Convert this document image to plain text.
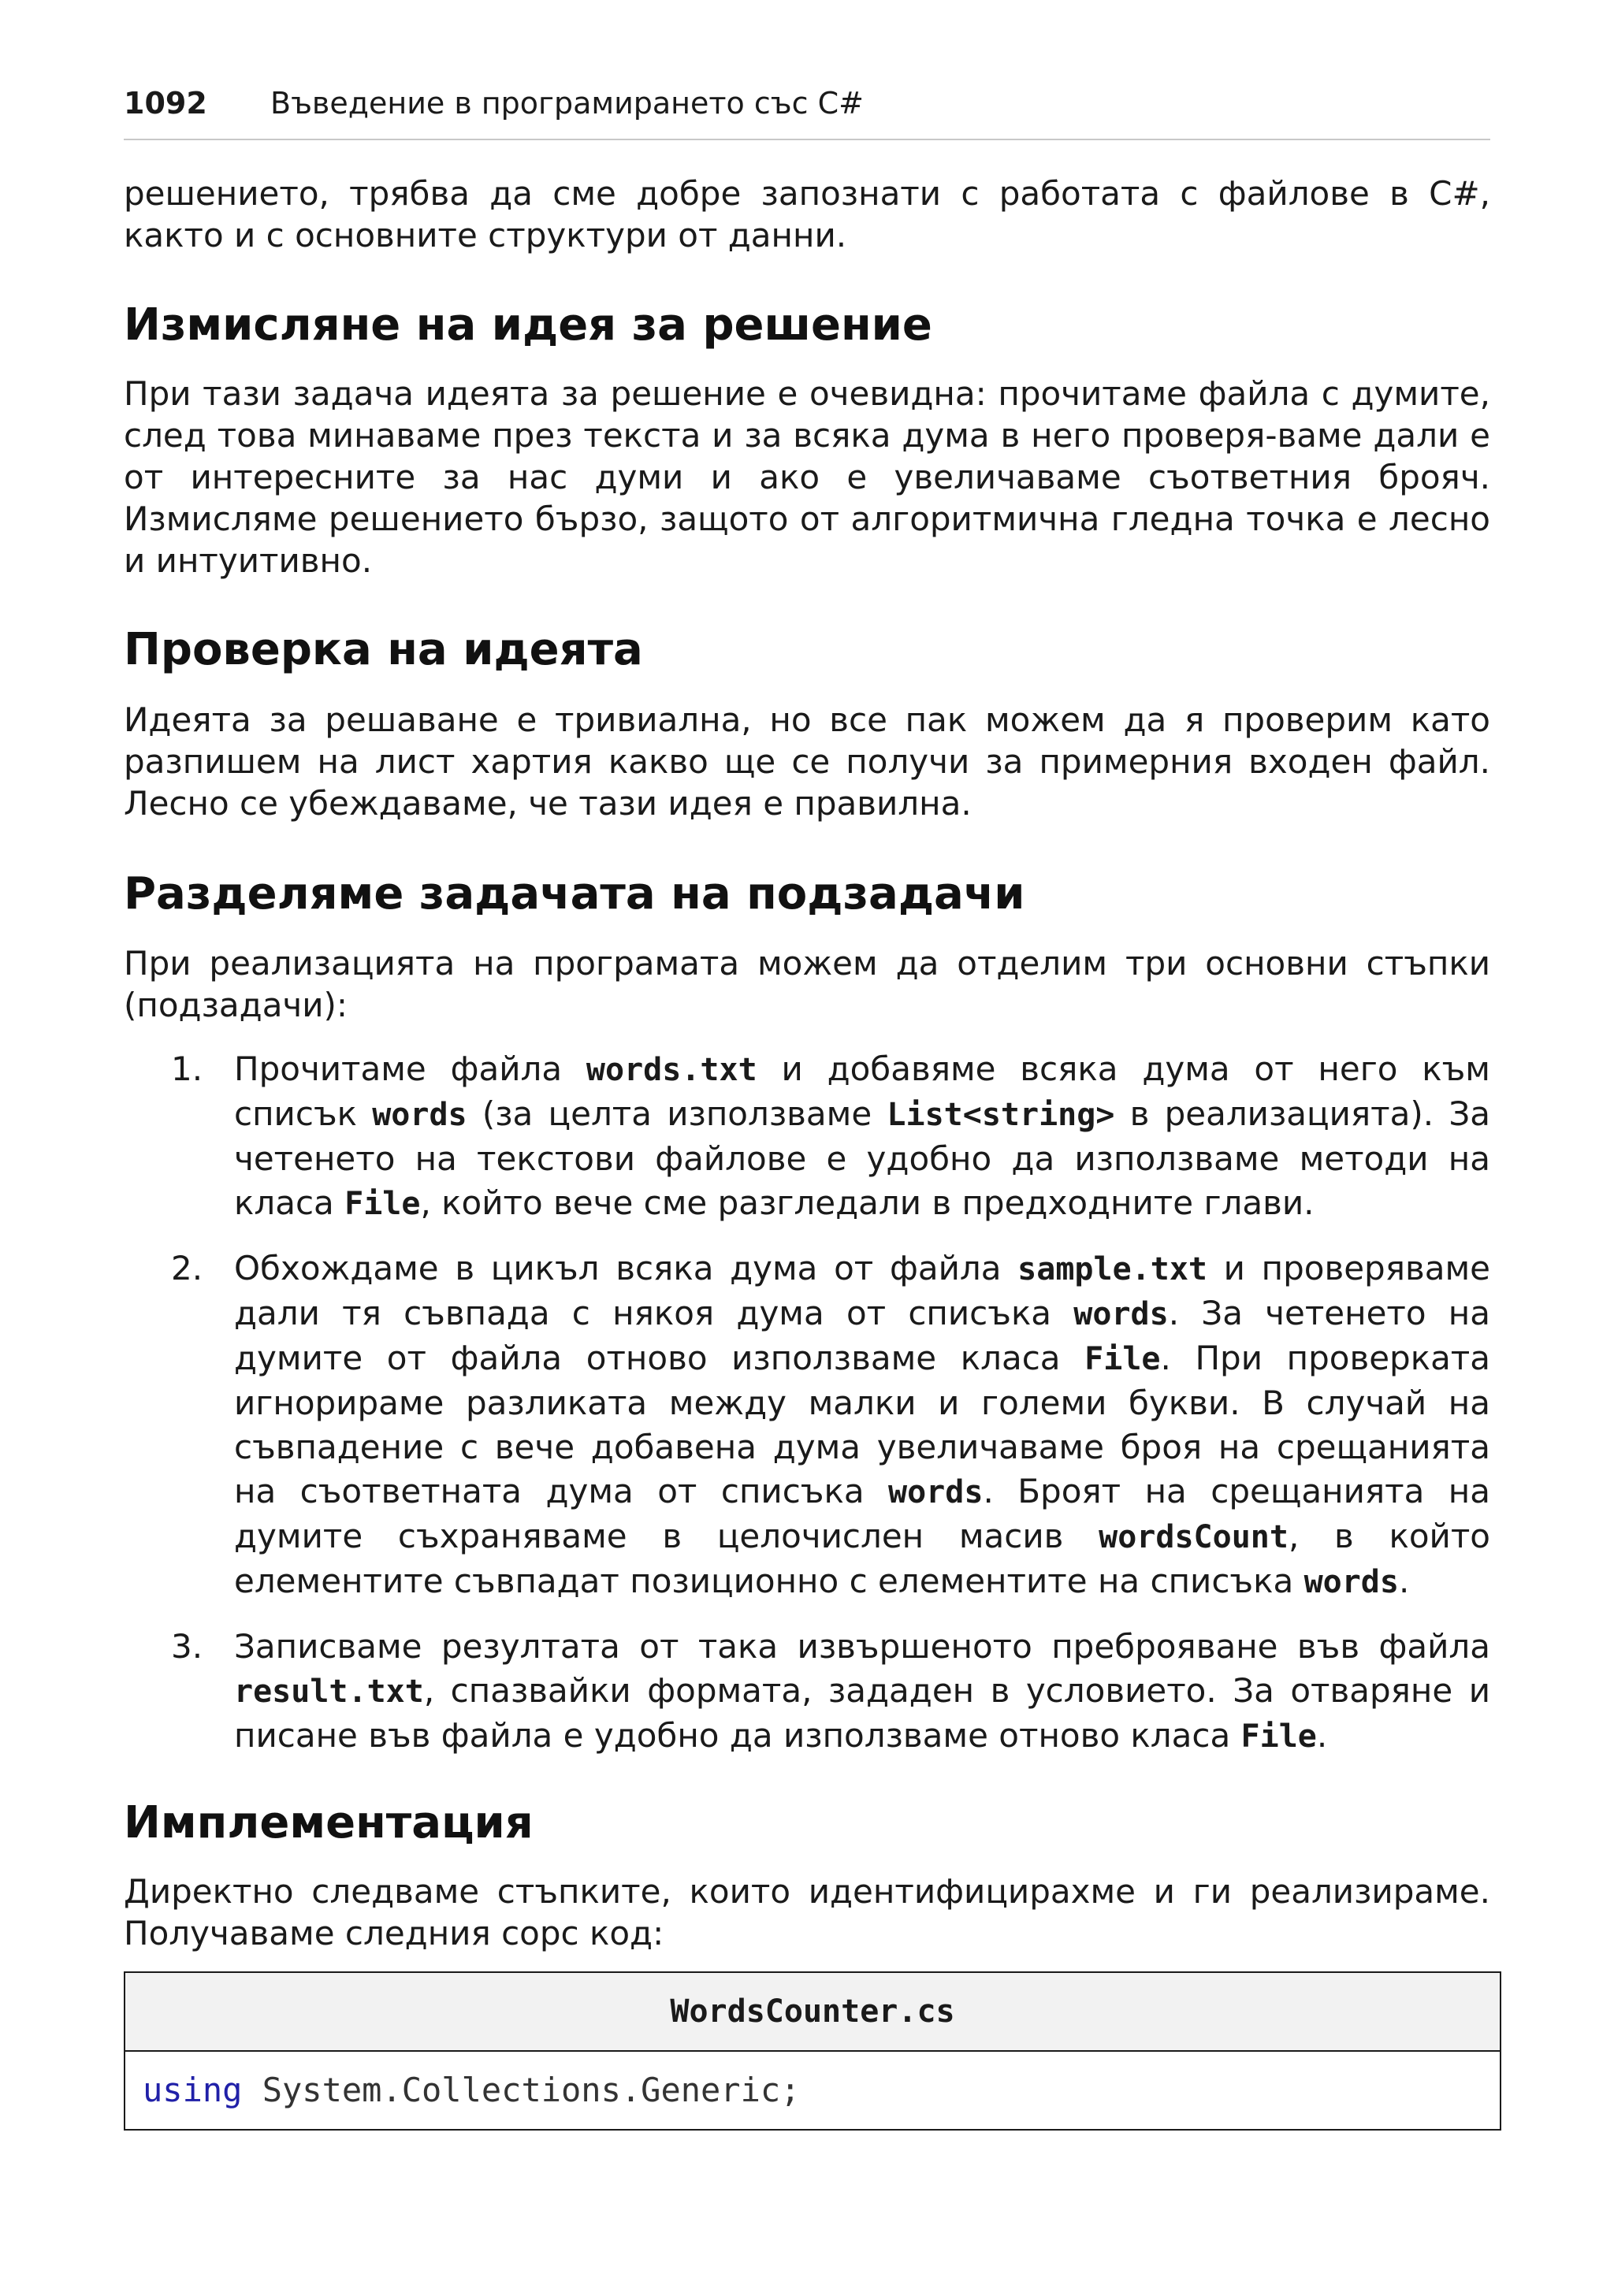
1092 Въведение в програмирането със C#

решението, трябва да сме добре запознати с работата с файлове в C#, както и с основните структури от данни.

Измисляне на идея за решение

При тази задача идеята за решение е очевидна: прочитаме файла с думите, след това минаваме през текста и за всяка дума в него проверя-ваме дали е от интересните за нас думи и ако е увеличаваме съответния брояч. Измисляме решението бързо, защото от алгоритмична гледна точка е лесно и интуитивно.

Проверка на идеята

Идеята за решаване е тривиална, но все пак можем да я проверим като разпишем на лист хартия какво ще се получи за примерния входен файл. Лесно се убеждаваме, че тази идея е правилна.

Разделяме задачата на подзадачи

При реализацията на програмата можем да отделим три основни стъпки (подзадачи):

1. Прочитаме файла words.txt и добавяме всяка дума от него към списък words (за целта използваме List<string> в реализацията). За четенето на текстови файлове е удобно да използваме методи на класа File, който вече сме разгледали в предходните глави.
2. Обхождаме в цикъл всяка дума от файла sample.txt и проверяваме дали тя съвпада с някоя дума от списъка words. За четенето на думите от файла отново използваме класа File. При проверката игнорираме разликата между малки и големи букви. В случай на съвпадение с вече добавена дума увеличаваме броя на срещанията на съответната дума от списъка words. Броят на срещанията на думите съхраняваме в целочислен масив wordsCount, в който елементите съвпадат позиционно с елементите на списъка words.
3. Записваме резултата от така извършеното преброяване във файла result.txt, спазвайки формата, зададен в условието. За отваряне и писане във файла е удобно да използваме отново класа File.
Имплементация

Директно следваме стъпките, които идентифицирахме и ги реализираме. Получаваме следния сорс код:

WordsCounter.cs
using System.Collections.Generic;
